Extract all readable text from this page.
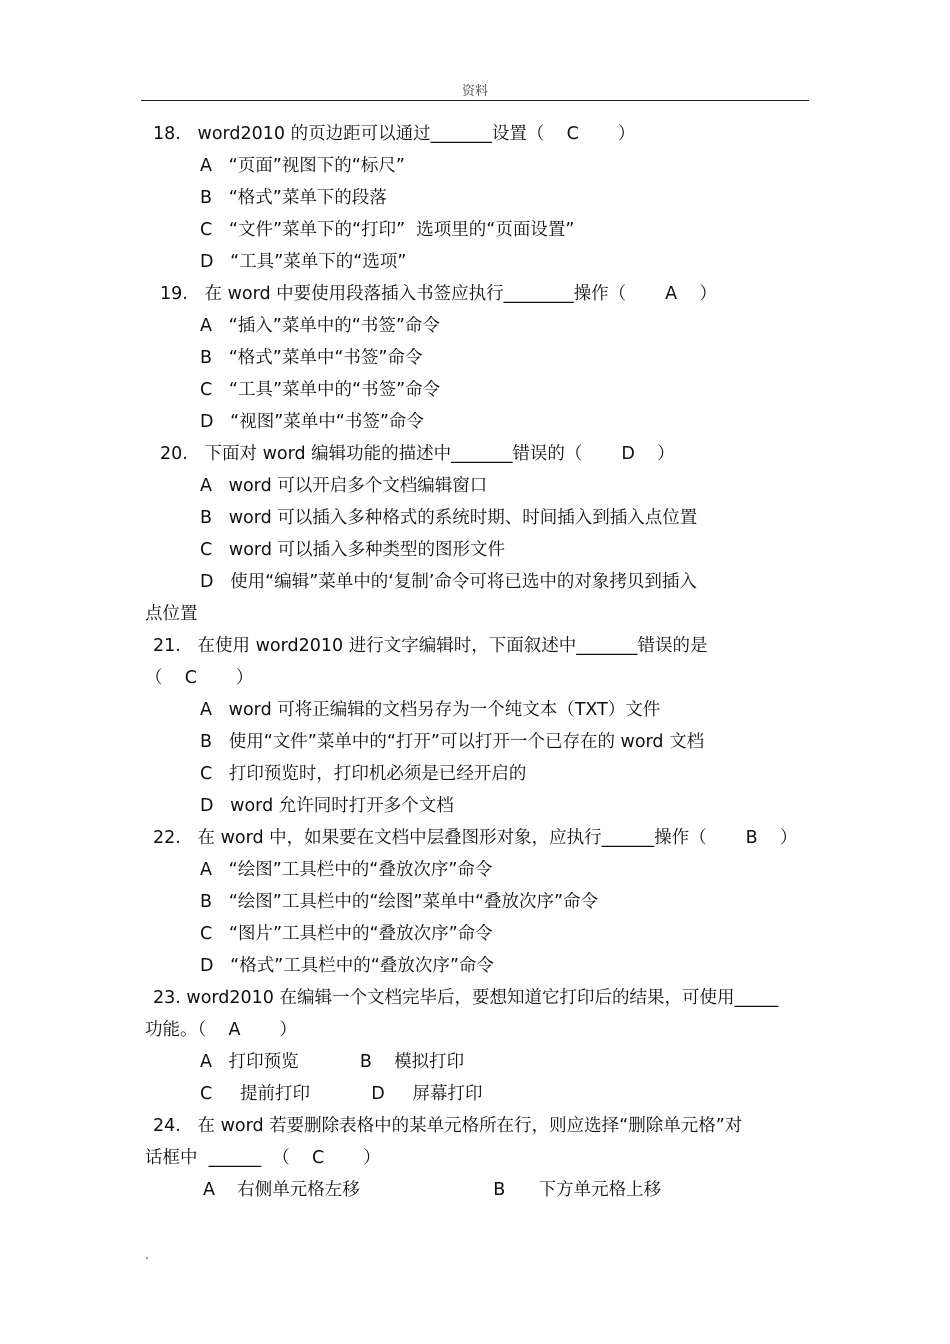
资料
18.   word2010 的页边距可以通过_______设置（    C       ）
A   “页面”视图下的“标尺”
B   “格式”菜单下的段落
C   “文件”菜单下的“打印”  选项里的“页面设置”
D   “工具”菜单下的“选项”
19.   在 word 中要使用段落插入书签应执行________操作（       A    ）
A   “插入”菜单中的“书签”命令
B   “格式”菜单中“书签”命令
C   “工具”菜单中的“书签”命令
D   “视图”菜单中“书签”命令
20.   下面对 word 编辑功能的描述中_______错误的（       D    ）
A   word 可以开启多个文档编辑窗口
B   word 可以插入多种格式的系统时期、时间插入到插入点位置
C   word 可以插入多种类型的图形文件
D   使用“编辑”菜单中的‘复制’命令可将已选中的对象拷贝到插入
点位置
21.   在使用 word2010 进行文字编辑时，下面叙述中_______错误的是
（    C       ）
A   word 可将正编辑的文档另存为一个纯文本（TXT）文件
B   使用“文件”菜单中的“打开”可以打开一个已存在的 word 文档
C   打印预览时，打印机必须是已经开启的
D   word 允许同时打开多个文档
22.   在 word 中，如果要在文档中层叠图形对象，应执行______操作（       B    ）
A   “绘图”工具栏中的“叠放次序”命令
B   “绘图”工具栏中的“绘图”菜单中“叠放次序”命令
C   “图片”工具栏中的“叠放次序”命令
D   “格式”工具栏中的“叠放次序”命令
23. word2010 在编辑一个文档完毕后，要想知道它打印后的结果，可使用_____
功能。（    A       ）
A   打印预览           B    模拟打印
C     提前打印           D     屏幕打印
24.   在 word 若要删除表格中的某单元格所在行，则应选择“删除单元格”对
话框中  ______  （    C       ）
A    右侧单元格左移                        B      下方单元格上移
.
